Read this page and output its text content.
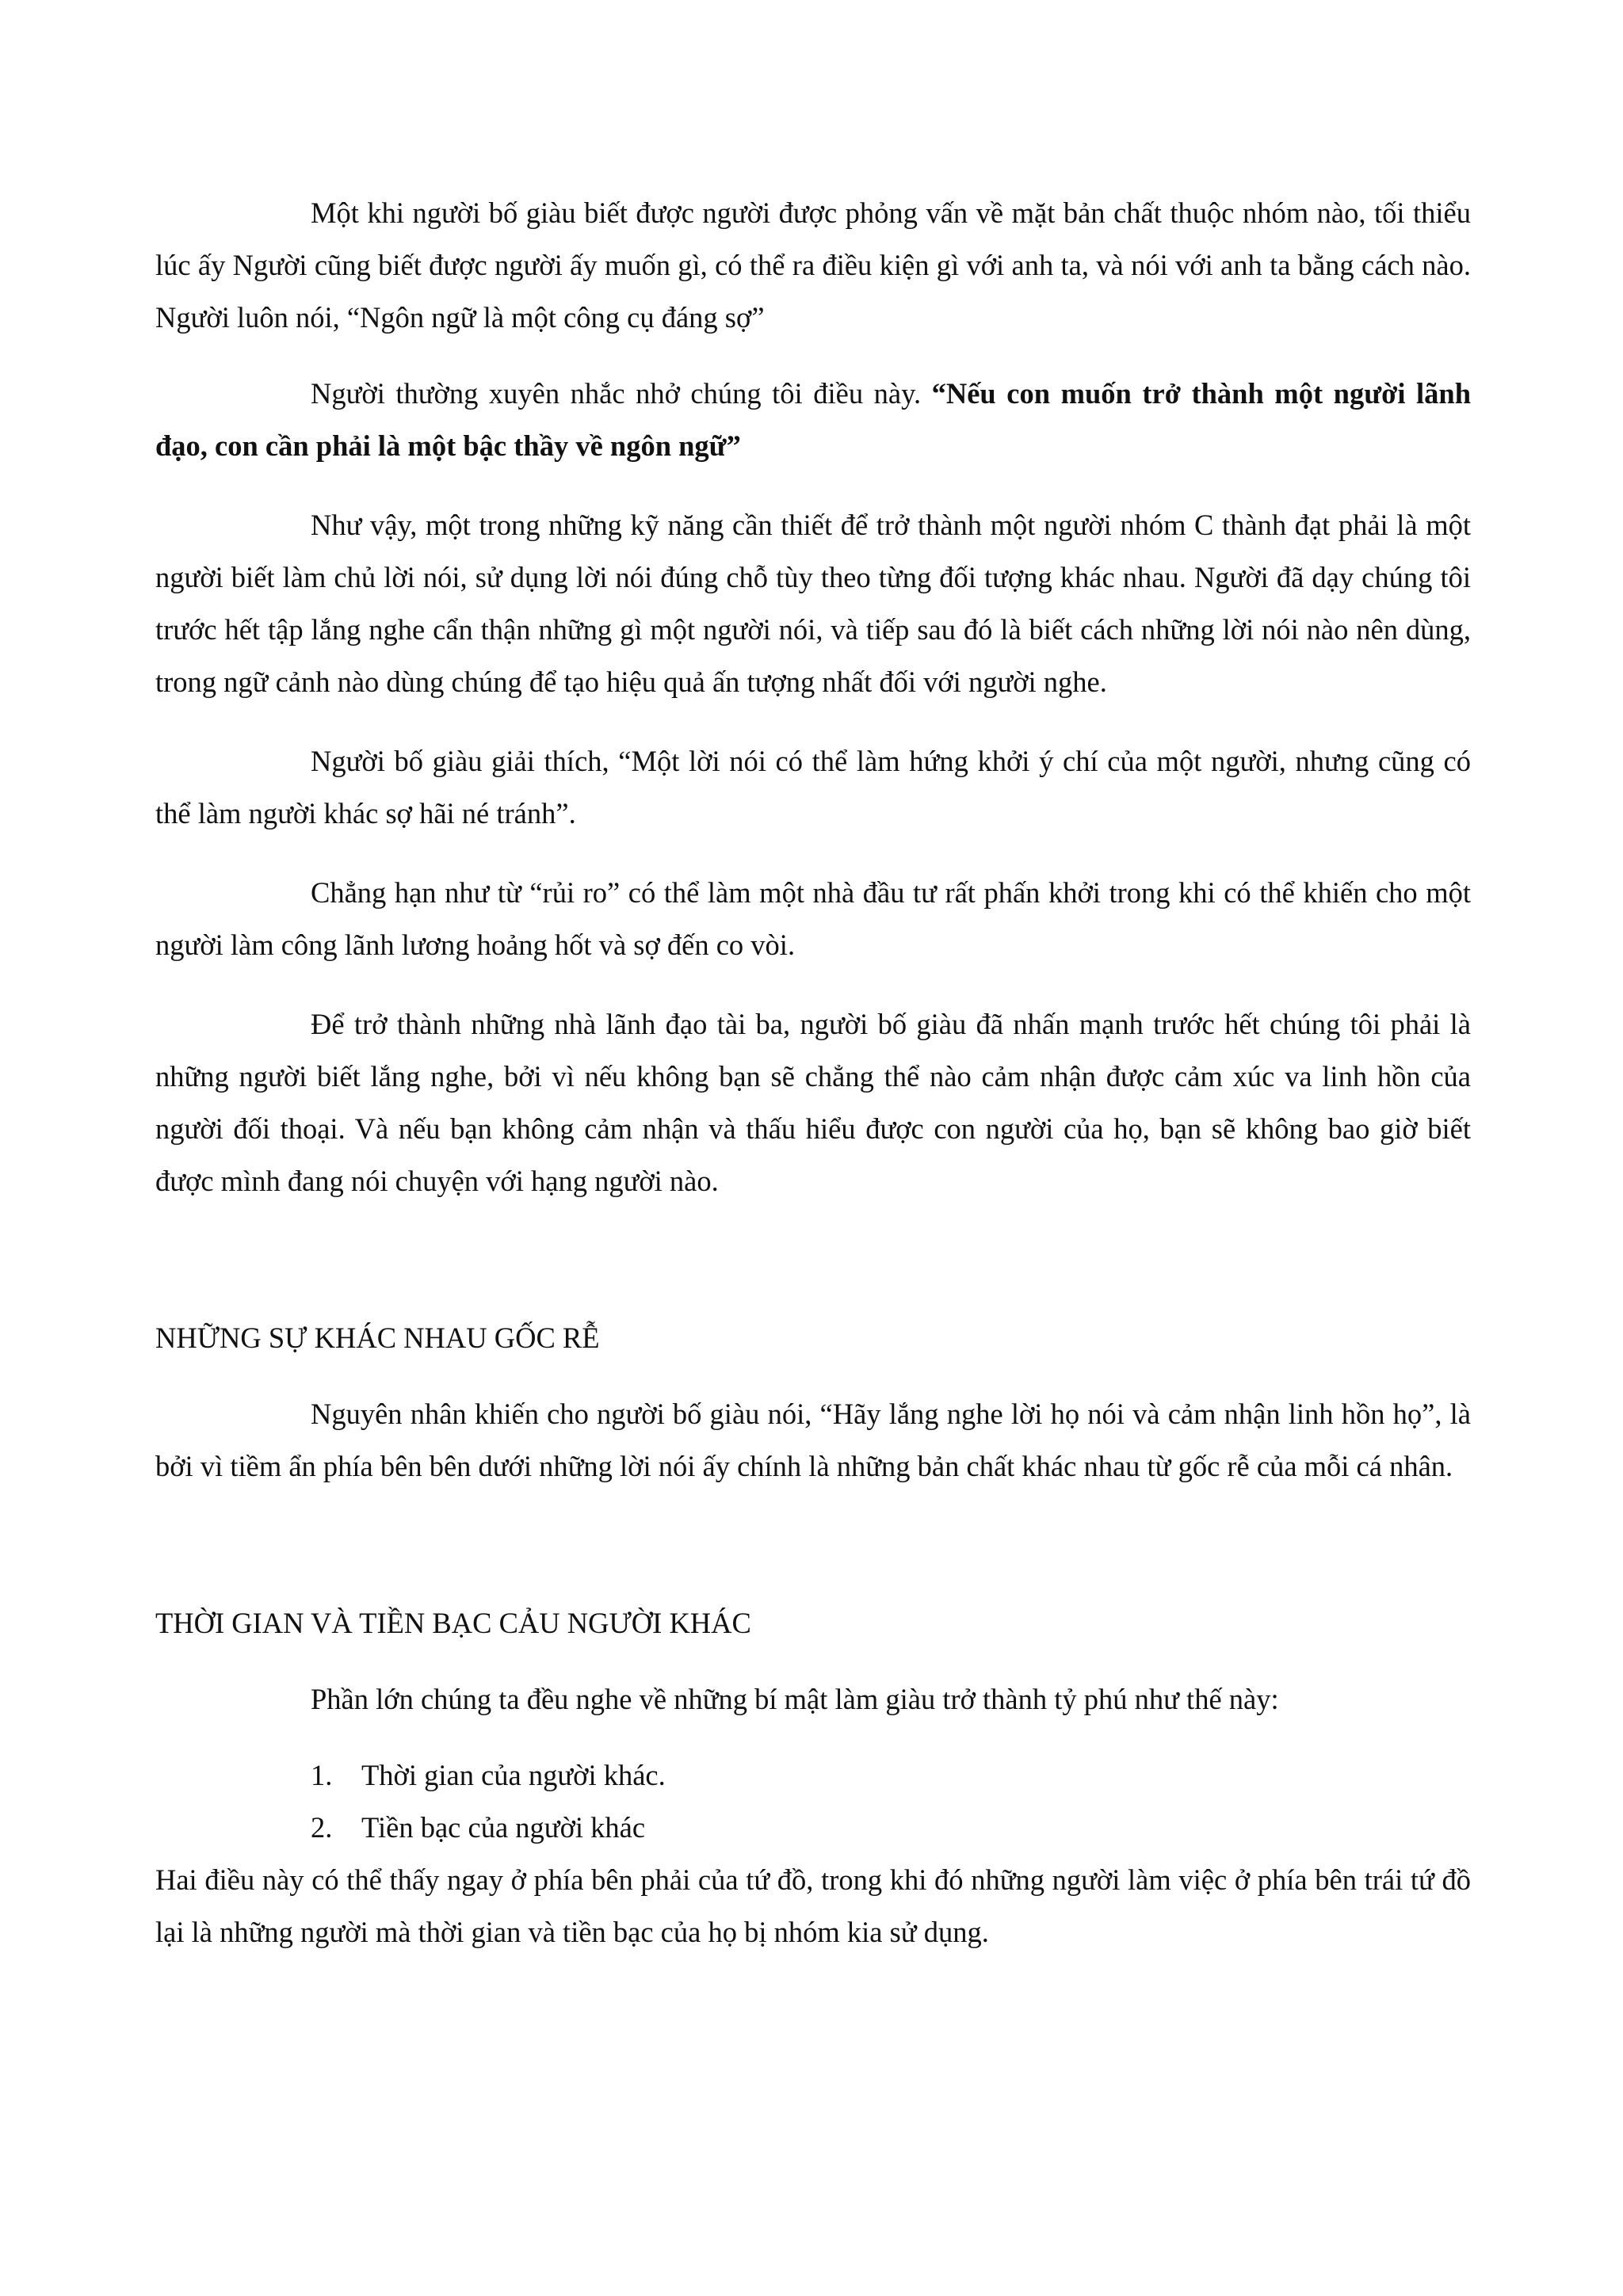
Một khi người bố giàu biết được người được phỏng vấn về mặt bản chất thuộc nhóm nào, tối thiểu lúc ấy Người cũng biết được người ấy muốn gì, có thể ra điều kiện gì với anh ta, và nói với anh ta bằng cách nào. Người luôn nói, “Ngôn ngữ là một công cụ đáng sợ”

Người thường xuyên nhắc nhở chúng tôi điều này. “Nếu con muốn trở thành một người lãnh đạo, con cần phải là một bậc thầy về ngôn ngữ”

Như vậy, một trong những kỹ năng cần thiết để trở thành một người nhóm C thành đạt phải là một người biết làm chủ lời nói, sử dụng lời nói đúng chỗ tùy theo từng đối tượng khác nhau. Người đã dạy chúng tôi trước hết tập lắng nghe cẩn thận những gì một người nói, và tiếp sau đó là biết cách những lời nói nào nên dùng, trong ngữ cảnh nào dùng chúng để tạo hiệu quả ấn tượng nhất đối với người nghe.

Người bố giàu giải thích, “Một lời nói có thể làm hứng khởi ý chí của một người, nhưng cũng có thể làm người khác sợ hãi né tránh”.

Chẳng hạn như từ “rủi ro” có thể làm một nhà đầu tư rất phấn khởi trong khi có thể khiến cho một người làm công lãnh lương hoảng hốt và sợ đến co vòi.

Để trở thành những nhà lãnh đạo tài ba, người bố giàu đã nhấn mạnh trước hết chúng tôi phải là những người biết lắng nghe, bởi vì nếu không bạn sẽ chẳng thể nào cảm nhận được cảm xúc va linh hồn của người đối thoại. Và nếu bạn không cảm nhận và thấu hiểu được con người của họ, bạn sẽ không bao giờ biết được mình đang nói chuyện với hạng người nào.

NHỮNG SỰ KHÁC NHAU GỐC RỄ

Nguyên nhân khiến cho người bố giàu nói, “Hãy lắng nghe lời họ nói và cảm nhận linh hồn họ”, là bởi vì tiềm ẩn phía bên bên dưới những lời nói ấy chính là những bản chất khác nhau từ gốc rễ của mỗi cá nhân.

THỜI GIAN VÀ TIỀN BẠC CẢU NGƯỜI KHÁC

Phần lớn chúng ta đều nghe về những bí mật làm giàu trở thành tỷ phú như thế này:

1. Thời gian của người khác.
2. Tiền bạc của người khác

Hai điều này có thể thấy ngay ở phía bên phải của tứ đồ, trong khi đó những người làm việc ở phía bên trái tứ đồ lại là những người mà thời gian và tiền bạc của họ bị nhóm kia sử dụng.
